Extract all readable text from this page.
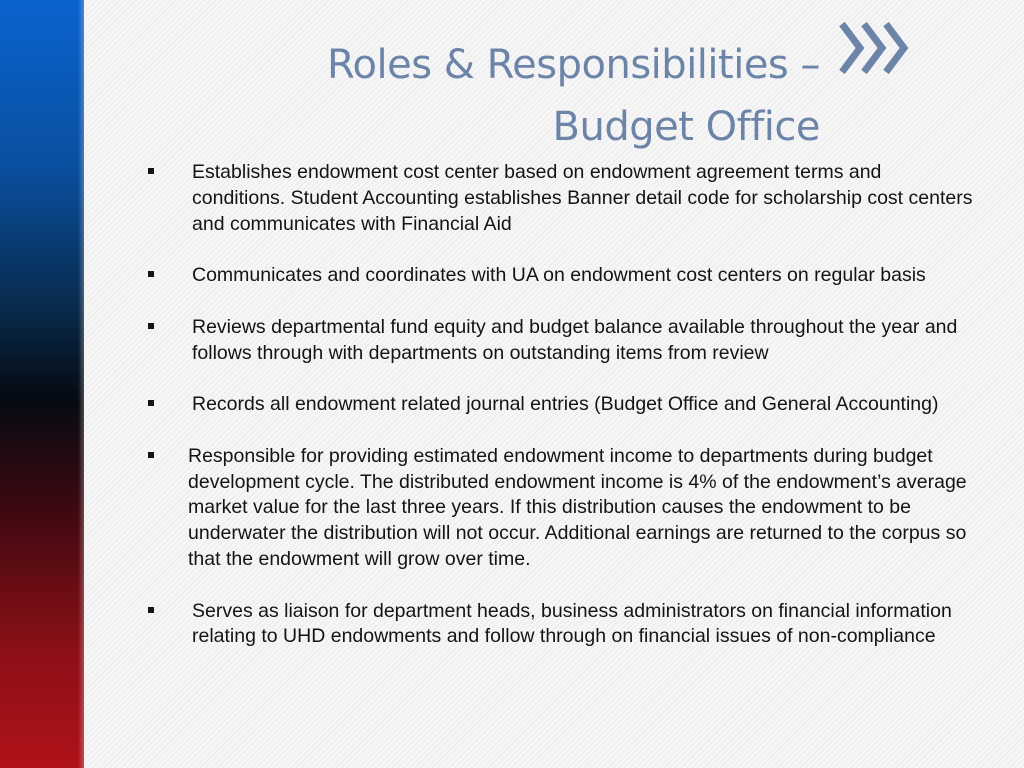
Roles & Responsibilities –
Budget Office
Establishes endowment cost center based on endowment agreement terms and conditions. Student Accounting establishes Banner detail code for scholarship cost centers and communicates with Financial Aid
Communicates and coordinates with UA on endowment cost centers on regular basis
Reviews departmental fund equity and budget balance available throughout the year and follows through with departments on outstanding items from review
Records all endowment related journal entries (Budget Office and General Accounting)
Responsible for providing estimated endowment income to departments during budget development cycle. The distributed endowment income is 4% of the endowment’s average market value for the last three years. If this distribution causes the endowment to be underwater the distribution will not occur. Additional earnings are returned to the corpus so that the endowment will grow over time.
Serves as liaison for department heads, business administrators on financial information relating to UHD endowments and follow through on financial issues of non-compliance
